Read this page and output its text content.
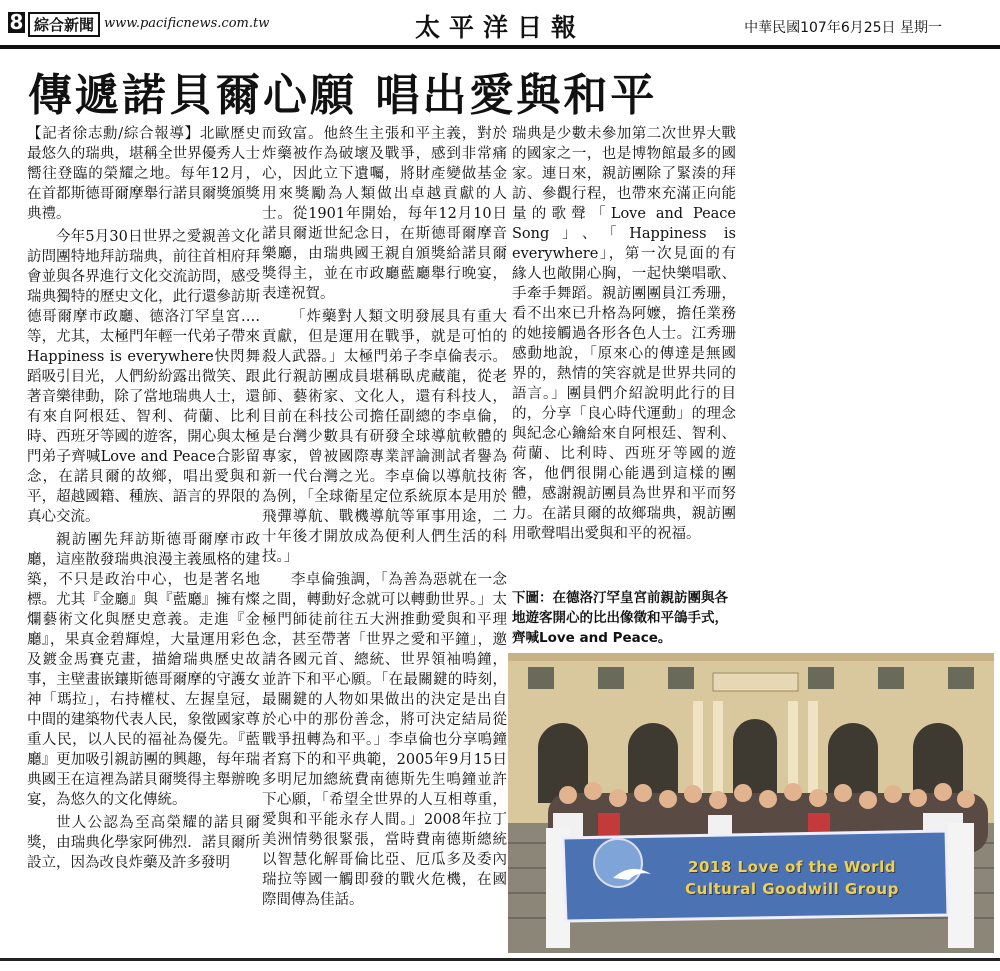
8 綜合新聞 www.pacificnews.com.tw	太平洋日報	中華民國107年6月25日 星期一
傳遞諾貝爾心願 唱出愛與和平

【記者徐志勳/綜合報導】北歐歷史最悠久的瑞典，堪稱全世界優秀人士嚮往登臨的榮耀之地。每年12月，在首都斯德哥爾摩舉行諾貝爾獎頒獎典禮。

今年5月30日世界之愛親善文化訪問團特地拜訪瑞典，前往首相府拜會並與各界進行文化交流訪問，感受瑞典獨特的歷史文化，此行還參訪斯德哥爾摩市政廳、德洛汀罕皇宮….等，尤其，太極門年輕一代弟子帶來Happiness is everywhere快閃舞蹈吸引目光，人們紛紛露出微笑、跟著音樂律動，除了當地瑞典人士，還有來自阿根廷、智利、荷蘭、比利時、西班牙等國的遊客，開心與太極門弟子齊喊Love and Peace合影留念，在諾貝爾的故鄉，唱出愛與和平，超越國籍、種族、語言的界限的真心交流。

親訪團先拜訪斯德哥爾摩市政廳，這座散發瑞典浪漫主義風格的建築，不只是政治中心，也是著名地標。尤其『金廳』與『藍廳』擁有燦爛藝術文化與歷史意義。走進『金廳』，果真金碧輝煌，大量運用彩色及鍍金馬賽克畫，描繪瑞典歷史故事，主壁畫嵌鑲斯德哥爾摩的守護女神「瑪拉」，右持權杖、左握皇冠，中間的建築物代表人民，象徵國家尊重人民，以人民的福祉為優先。『藍廳』更加吸引親訪團的興趣，每年瑞典國王在這裡為諾貝爾獎得主舉辦晚宴，為悠久的文化傳統。

世人公認為至高榮耀的諾貝爾獎，由瑞典化學家阿佛烈．諾貝爾所設立，因為改良炸藥及許多發明

而致富。他終生主張和平主義，對於炸藥被作為破壞及戰爭，感到非常痛心，因此立下遺囑，將財產變做基金用來獎勵為人類做出卓越貢獻的人士。從1901年開始，每年12月10日諾貝爾逝世紀念日，在斯德哥爾摩音樂廳，由瑞典國王親自頒獎給諾貝爾獎得主，並在市政廳藍廳舉行晚宴，表達祝賀。

「炸藥對人類文明發展具有重大貢獻，但是運用在戰爭，就是可怕的殺人武器。」太極門弟子李卓倫表示。此行親訪團成員堪稱臥虎藏龍，從老師、藝術家、文化人，還有科技人，目前在科技公司擔任副總的李卓倫，是台灣少數具有研發全球導航軟體的專家，曾被國際專業評論測試者譽為新一代台灣之光。李卓倫以導航技術為例，「全球衛星定位系統原本是用於飛彈導航、戰機導航等軍事用途，二十年後才開放成為便利人們生活的科技。」

李卓倫強調，「為善為惡就在一念之間，轉動好念就可以轉動世界。」太極門師徒前往五大洲推動愛與和平理念，甚至帶著「世界之愛和平鐘」，邀請各國元首、總統、世界領袖鳴鐘，並許下和平心願。「在最關鍵的時刻，最關鍵的人物如果做出的決定是出自於心中的那份善念，將可決定結局從戰爭扭轉為和平。」李卓倫也分享鳴鐘者寫下的和平典範，2005年9月15日多明尼加總統費南德斯先生鳴鐘並許下心願，「希望全世界的人互相尊重，愛與和平能永存人間。」2008年拉丁美洲情勢很緊張，當時費南德斯總統以智慧化解哥倫比亞、厄瓜多及委內瑞拉等國一觸即發的戰火危機，在國際間傳為佳話。

瑞典是少數未參加第二次世界大戰的國家之一，也是博物館最多的國家。連日來，親訪團除了緊湊的拜訪、參觀行程，也帶來充滿正向能量的歌聲「Love and Peace Song」、「Happiness is everywhere」，第一次見面的有緣人也敞開心胸，一起快樂唱歌、手牽手舞蹈。親訪團團員江秀珊，看不出來已升格為阿嬤，擔任業務的她接觸過各形各色人士。江秀珊感動地說，「原來心的傳達是無國界的，熱情的笑容就是世界共同的語言。」團員們介紹說明此行的目的，分享「良心時代運動」的理念與紀念心鑰給來自阿根廷、智利、荷蘭、比利時、西班牙等國的遊客，他們很開心能遇到這樣的團體，感謝親訪團員為世界和平而努力。在諾貝爾的故鄉瑞典，親訪團用歌聲唱出愛與和平的祝福。

下圖：在德洛汀罕皇宮前親訪團與各地遊客開心的比出像徵和平鴿手式，齊喊Love and Peace。
2018 Love of the World
Cultural Goodwill Group
